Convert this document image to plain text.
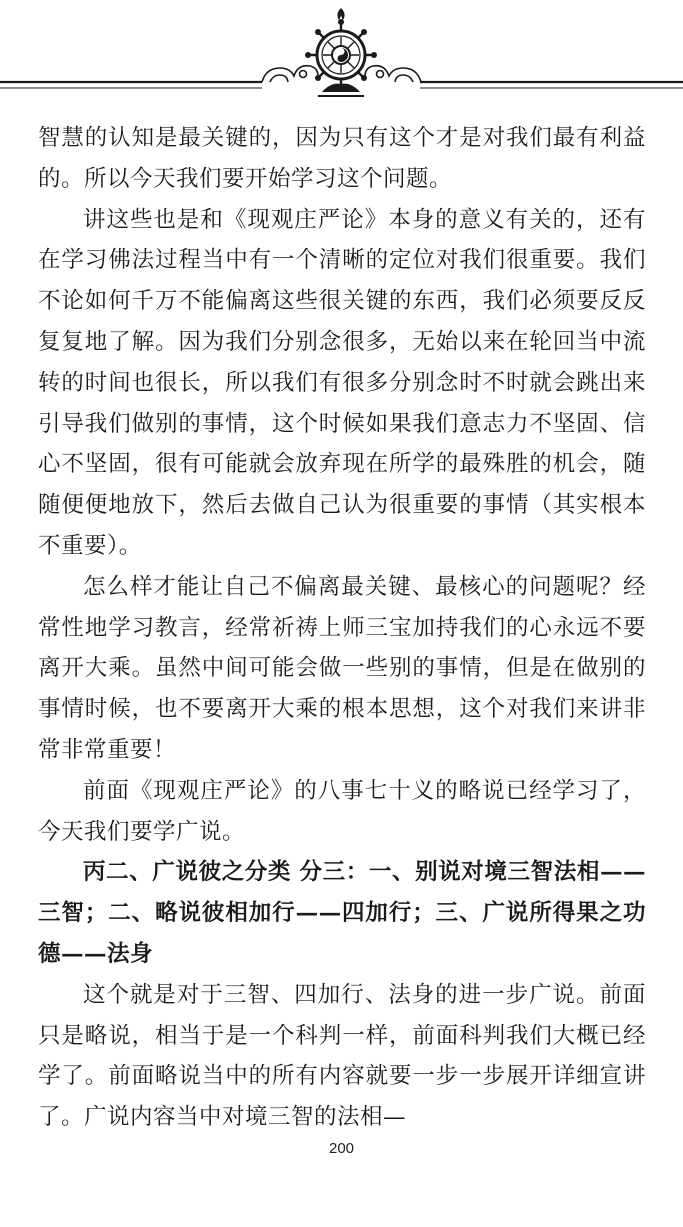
智慧的认知是最关键的，因为只有这个才是对我们最有利益的。所以今天我们要开始学习这个问题。

讲这些也是和《现观庄严论》本身的意义有关的，还有在学习佛法过程当中有一个清晰的定位对我们很重要。我们不论如何千万不能偏离这些很关键的东西，我们必须要反反复复地了解。因为我们分别念很多，无始以来在轮回当中流转的时间也很长，所以我们有很多分别念时不时就会跳出来引导我们做别的事情，这个时候如果我们意志力不坚固、信心不坚固，很有可能就会放弃现在所学的最殊胜的机会，随随便便地放下，然后去做自己认为很重要的事情（其实根本不重要）。

怎么样才能让自己不偏离最关键、最核心的问题呢？经常性地学习教言，经常祈祷上师三宝加持我们的心永远不要离开大乘。虽然中间可能会做一些别的事情，但是在做别的事情时候，也不要离开大乘的根本思想，这个对我们来讲非常非常重要！

前面《现观庄严论》的八事七十义的略说已经学习了，今天我们要学广说。

丙二、广说彼之分类 分三：一、别说对境三智法相——三智；二、略说彼相加行——四加行；三、广说所得果之功德——法身

这个就是对于三智、四加行、法身的进一步广说。前面只是略说，相当于是一个科判一样，前面科判我们大概已经学了。前面略说当中的所有内容就要一步一步展开详细宣讲了。广说内容当中对境三智的法相—

200
